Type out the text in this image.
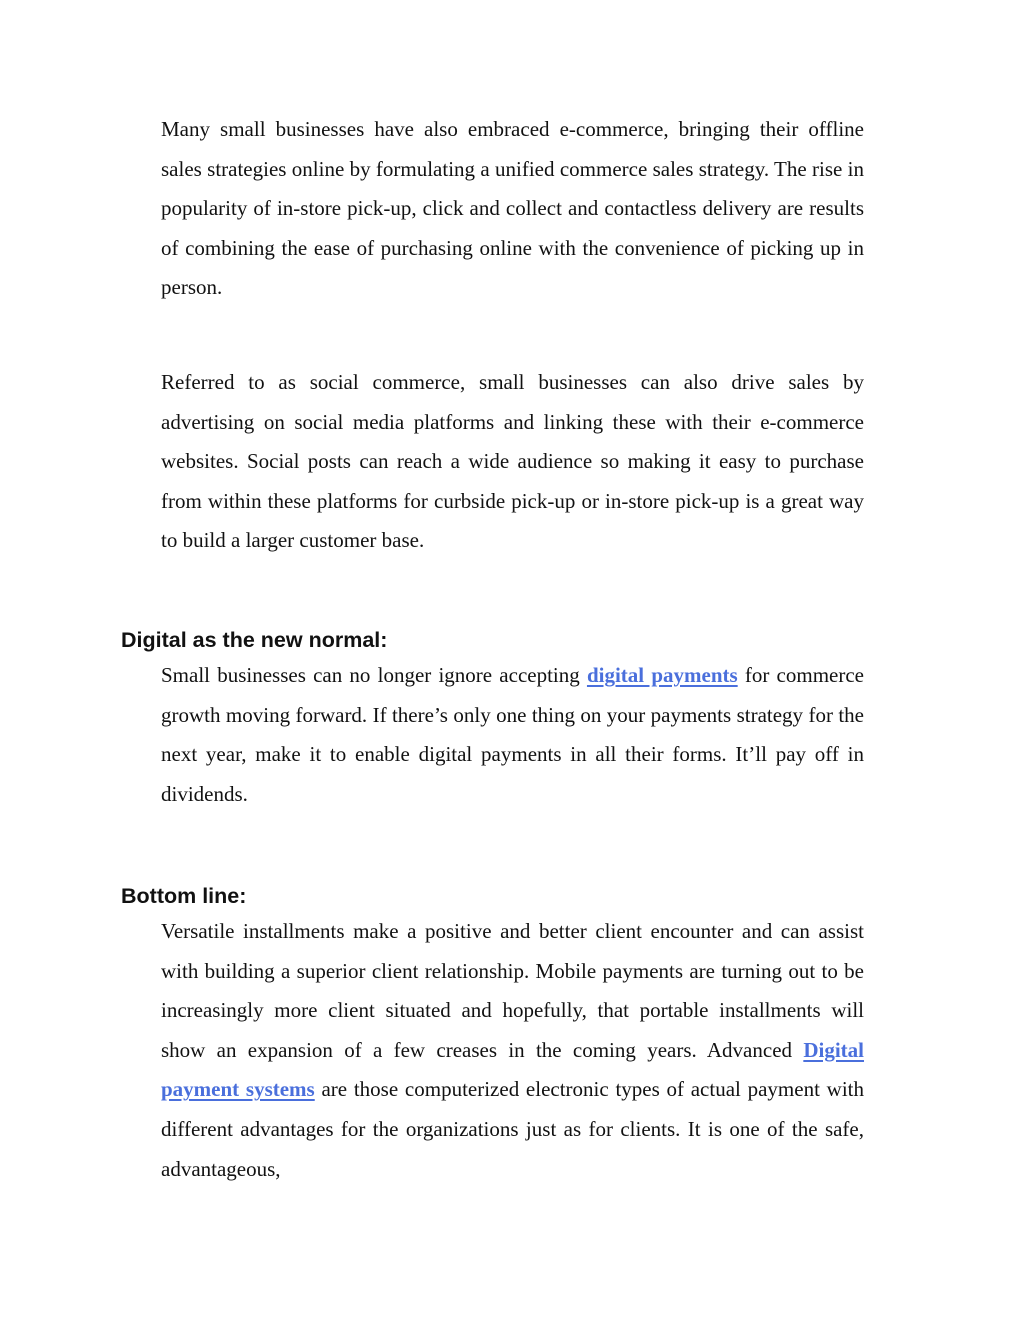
Many small businesses have also embraced e-commerce, bringing their offline sales strategies online by formulating a unified commerce sales strategy. The rise in popularity of in-store pick-up, click and collect and contactless delivery are results of combining the ease of purchasing online with the convenience of picking up in person.

Referred to as social commerce, small businesses can also drive sales by advertising on social media platforms and linking these with their e-commerce websites. Social posts can reach a wide audience so making it easy to purchase from within these platforms for curbside pick-up or in-store pick-up is a great way to build a larger customer base.

Digital as the new normal:

Small businesses can no longer ignore accepting digital payments for commerce growth moving forward. If there’s only one thing on your payments strategy for the next year, make it to enable digital payments in all their forms. It’ll pay off in dividends.

Bottom line:

Versatile installments make a positive and better client encounter and can assist with building a superior client relationship. Mobile payments are turning out to be increasingly more client situated and hopefully, that portable installments will show an expansion of a few creases in the coming years. Advanced Digital payment systems are those computerized electronic types of actual payment with different advantages for the organizations just as for clients. It is one of the safe, advantageous,
